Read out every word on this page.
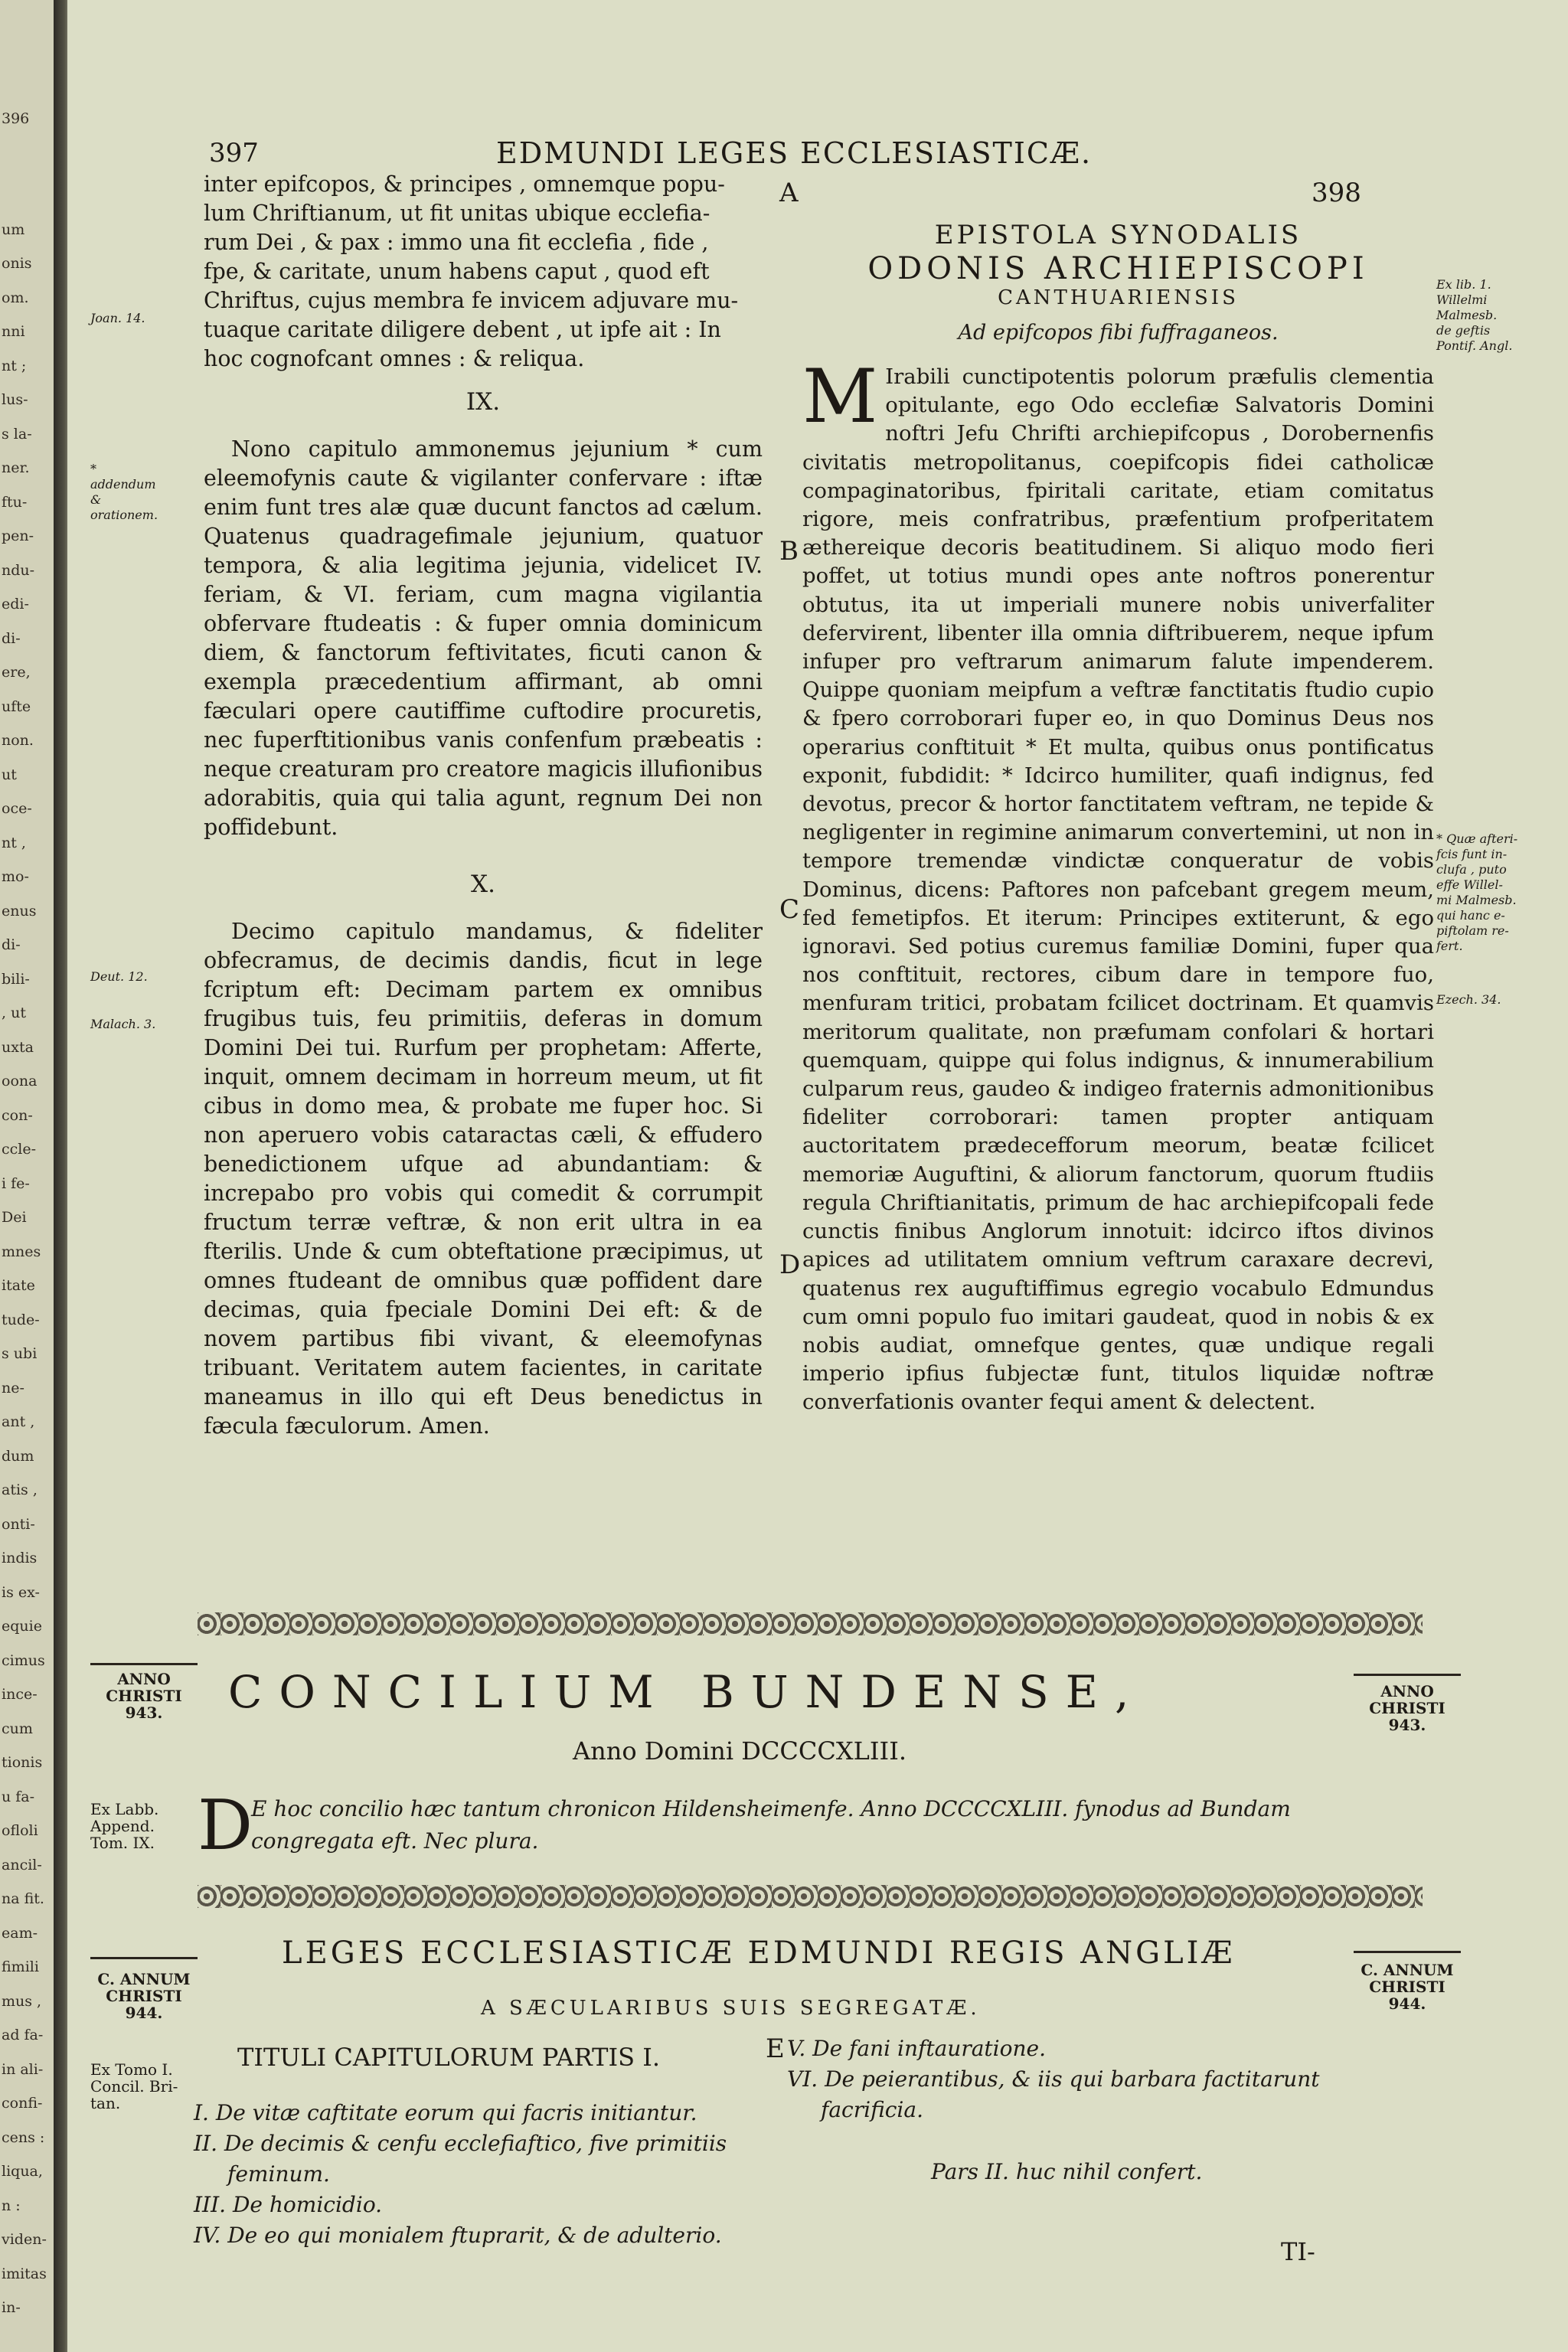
396
um
onis
om.
nni
nt ;
lus-
s la-
ner.
ftu-
pen-
ndu-
edi-
di-
ere,
ufte
non.
ut
oce-
nt ,
mo-
enus
di-
bili-
, ut
uxta
oona
con-
ccle-
i fe-
Dei
mnes
itate
tude-
s ubi
ne-
ant ,
dum
atis ,
onti-
indis
is ex-
equie
cimus
ince-
cum
tionis
u fa-
ofloli
ancil-
na fit.
eam-
fimili
mus ,
ad fa-
in ali-
confi-
cens :
liqua,
n :
viden-
imitas
in-
397	EDMUNDI LEGES ECCLESIASTICÆ.
398
A
B
C
D
E
Joan. 14.
* addendum & orationem.
Deut. 12.
Malach. 3.

inter epifcopos, & principes , omnemque popu-

lum Chriftianum, ut fit unitas ubique ecclefia-

rum Dei , & pax : immo una fit ecclefia , fide ,

fpe, & caritate, unum habens caput , quod eft

Chriftus, cujus membra fe invicem adjuvare mu-

tuaque caritate diligere debent , ut ipfe ait : In

hoc cognofcant omnes : & reliqua.

IX.

Nono capitulo ammonemus jejunium * cum eleemofynis caute & vigilanter confervare : iftæ enim funt tres alæ quæ ducunt fanctos ad cælum. Quatenus quadragefimale jejunium, quatuor tempora, & alia legitima jejunia, videlicet IV. feriam, & VI. feriam, cum magna vigilantia obfervare ftudeatis : & fuper omnia dominicum diem, & fanctorum feftivitates, ficuti canon & exempla præcedentium affirmant, ab omni fæculari opere cautiffime cuftodire procuretis, nec fuperftitionibus vanis confenfum præbeatis : neque creaturam pro creatore magicis illufionibus adorabitis, quia qui talia agunt, regnum Dei non poffidebunt.

X.

Decimo capitulo mandamus, & fideliter obfecramus, de decimis dandis, ficut in lege fcriptum eft: Decimam partem ex omnibus frugibus tuis, feu primitiis, deferas in domum Domini Dei tui. Rurfum per prophetam: Afferte, inquit, omnem decimam in horreum meum, ut fit cibus in domo mea, & probate me fuper hoc. Si non aperuero vobis cataractas cæli, & effudero benedictionem ufque ad abundantiam: & increpabo pro vobis qui comedit & corrumpit fructum terræ veftræ, & non erit ultra in ea fterilis. Unde & cum obteftatione præcipimus, ut omnes ftudeant de omnibus quæ poffident dare decimas, quia fpeciale Domini Dei eft: & de novem partibus fibi vivant, & eleemofynas tribuant. Veritatem autem facientes, in caritate maneamus in illo qui eft Deus benedictus in fæcula fæculorum. Amen.

EPISTOLA SYNODALIS

ODONIS ARCHIEPISCOPI

CANTHUARIENSIS

Ad epifcopos fibi fuffraganeos.

M Irabili cunctipotentis polorum præfulis clementia opitulante, ego Odo ecclefiæ Salvatoris Domini noftri Jefu Chrifti archiepifcopus , Dorobernenfis civitatis metropolitanus, coepifcopis fidei catholicæ compaginatoribus, fpiritali caritate, etiam comitatus rigore, meis confratribus, præfentium profperitatem æthereique decoris beatitudinem. Si aliquo modo fieri poffet, ut totius mundi opes ante noftros ponerentur obtutus, ita ut imperiali munere nobis univerfaliter defervirent, libenter illa omnia diftribuerem, neque ipfum infuper pro veftrarum animarum falute impenderem. Quippe quoniam meipfum a veftræ fanctitatis ftudio cupio & fpero corroborari fuper eo, in quo Dominus Deus nos operarius conftituit * Et multa, quibus onus pontificatus exponit, fubdidit: * Idcirco humiliter, quafi indignus, fed devotus, precor & hortor fanctitatem veftram, ne tepide & negligenter in regimine animarum convertemini, ut non in tempore tremendæ vindictæ conqueratur de vobis Dominus, dicens: Paftores non pafcebant gregem meum, fed femetipfos. Et iterum: Principes extiterunt, & ego ignoravi. Sed potius curemus familiæ Domini, fuper qua nos conftituit, rectores, cibum dare in tempore fuo, menfuram tritici, probatam fcilicet doctrinam. Et quamvis meritorum qualitate, non præfumam confolari & hortari quemquam, quippe qui folus indignus, & innumerabilium culparum reus, gaudeo & indigeo fraternis admonitionibus fideliter corroborari: tamen propter antiquam auctoritatem prædecefforum meorum, beatæ fcilicet memoriæ Auguftini, & aliorum fanctorum, quorum ftudiis regula Chriftianitatis, primum de hac archiepifcopali fede cunctis finibus Anglorum innotuit: idcirco iftos divinos apices ad utilitatem omnium veftrum caraxare decrevi, quatenus rex auguftiffimus egregio vocabulo Edmundus cum omni populo fuo imitari gaudeat, quod in nobis & ex nobis audiat, omnefque gentes, quæ undique regali imperio ipfius fubjectæ funt, titulos liquidæ noftræ converfationis ovanter fequi ament & delectent.

Ex lib. 1. Willelmi Malmesb. de geftis Pontif. Angl.
* Quæ afteri- fcis funt in- clufa , puto effe Willel- mi Malmesb. qui hanc e- piftolam re- fert.
Ezech. 34.
ANNO
CHRISTI
943.	CONCILIUM BUNDENSE,	ANNO
CHRISTI
943.
Anno Domini DCCCCXLIII.
Ex Labb.
Append.
Tom. IX. D
E hoc concilio hæc tantum chronicon Hildensheimenfe. Anno DCCCCXLIII. fynodus ad Bundam
congregata eft. Nec plura.
C. ANNUM
CHRISTI
944.
LEGES ECCLESIASTICÆ EDMUNDI REGIS ANGLIÆ	C. ANNUM
CHRISTI
944.
A SÆCULARIBUS SUIS SEGREGATÆ.
Ex Tomo I.
Concil. Bri-
tan.
TITULI CAPITULORUM PARTIS I.
I. De vitæ caftitate eorum qui facris initiantur.
II. De decimis & cenfu ecclefiaftico, five primitiis
feminum.
III. De homicidio.
IV. De eo qui monialem ftuprarit, & de adulterio.
V. De fani inftauratione.
VI. De peierantibus, & iis qui barbara factitarunt
facrificia.
Pars II. huc nihil confert.
TI-
